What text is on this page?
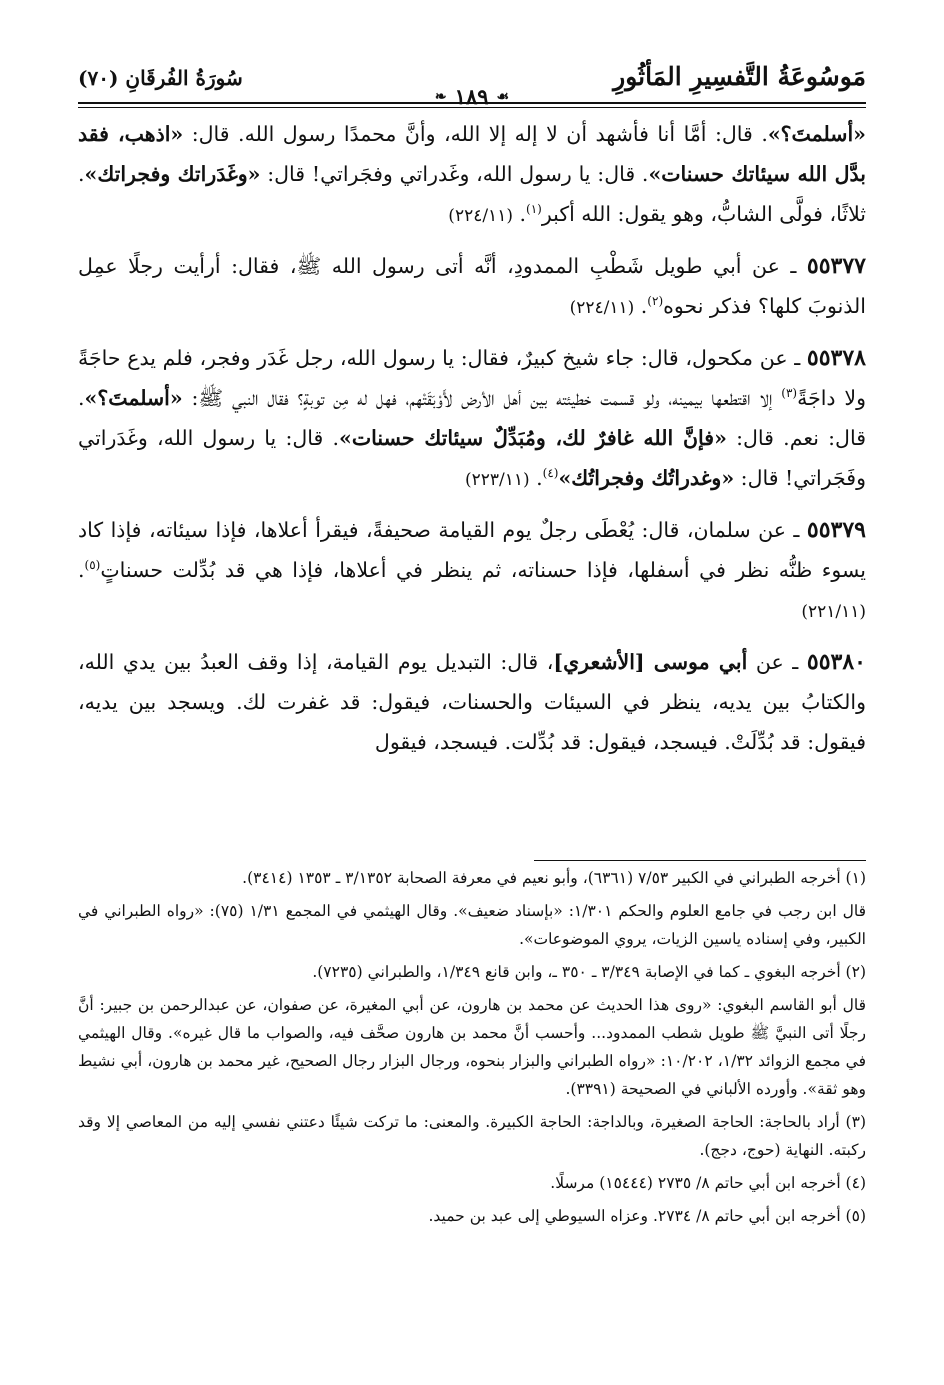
مَوسُوعَةُ التَّفسِيرِ المَأثُورِ
❧ ١٨٩ ☙
سُورَةُ الفُرقَانِ (٧٠)

«أسلمتَ؟». قال: أمَّا أنا فأشهد أن لا إله إلا الله، وأنَّ محمدًا رسول الله. قال: «اذهب، فقد بدَّل الله سيئاتك حسنات». قال: يا رسول الله، وغَدراتي وفجَراتي! قال: «وغَدَراتك وفجراتك». ثلاثًا، فولَّى الشابُّ، وهو يقول: الله أكبر$^{(١)}$. (٢٢٤/١١)

٥٥٣٧٧ ـ عن أبي طويل شَطْبِ الممدودِ، أنَّه أتى رسول الله ﷺ، فقال: أرأيت رجلًا عمِل الذنوبَ كلها؟ فذكر نحوه$^{(٢)}$. (٢٢٤/١١)

٥٥٣٧٨ ـ عن مكحول، قال: جاء شيخ كبيرٌ، فقال: يا رسول الله، رجل غَدَر وفجر، فلم يدع حاجَةً ولا داجَةً$^{(٣)}$ إلا اقتطعها بيمينه، ولو قسمت خطيئته بين أهل الأرض لأَوْبَقَتْهم، فهل له مِن توبةٍ؟ فقال النبي ﷺ: «أسلمتَ؟». قال: نعم. قال: «فإنَّ الله غافرٌ لك، ومُبَدِّلٌ سيئاتك حسنات». قال: يا رسول الله، وغَدَراتي وفَجَراتي! قال: «وغدراتُك وفجراتُك»$^{(٤)}$. (٢٢٣/١١)

٥٥٣٧٩ ـ عن سلمان، قال: يُعْطَى رجلٌ يوم القيامة صحيفةً، فيقرأ أعلاها، فإذا سيئاته، فإذا كاد يسوء ظنُّه نظر في أسفلها، فإذا حسناته، ثم ينظر في أعلاها، فإذا هي قد بُدِّلت حسناتٍ$^{(٥)}$. (٢٢١/١١)

٥٥٣٨٠ ـ عن أبي موسى [الأشعري]، قال: التبديل يوم القيامة، إذا وقف العبدُ بين يدي الله، والكتابُ بين يديه، ينظر في السيئات والحسنات، فيقول: قد غفرت لك. ويسجد بين يديه، فيقول: قد بُدِّلَتْ. فيسجد، فيقول: قد بُدِّلت. فيسجد، فيقول

(١) أخرجه الطبراني في الكبير ٧/٥٣ (٦٣٦١)، وأبو نعيم في معرفة الصحابة ٣/١٣٥٢ ـ ١٣٥٣ (٣٤١٤).

قال ابن رجب في جامع العلوم والحكم ١/٣٠١: «بإسناد ضعيف». وقال الهيثمي في المجمع ١/٣١ (٧٥): «رواه الطبراني في الكبير، وفي إسناده ياسين الزيات، يروي الموضوعات».

(٢) أخرجه البغوي ـ كما في الإصابة ٣/٣٤٩ ـ ٣٥٠ ـ، وابن قانع ١/٣٤٩، والطبراني (٧٢٣٥).

قال أبو القاسم البغوي: «روى هذا الحديث عن محمد بن هارون، عن أبي المغيرة، عن صفوان، عن عبدالرحمن بن جبير: أنَّ رجلًا أتى النبيَّ ﷺ طويل شطب الممدود... وأحسب أنَّ محمد بن هارون صحَّف فيه، والصواب ما قال غيره». وقال الهيثمي في مجمع الزوائد ١/٣٢، ١٠/٢٠٢: «رواه الطبراني والبزار بنحوه، ورجال البزار رجال الصحيح، غير محمد بن هارون، أبي نشيط وهو ثقة». وأورده الألباني في الصحيحة (٣٣٩١).

(٣) أراد بالحاجة: الحاجة الصغيرة، وبالداجة: الحاجة الكبيرة. والمعنى: ما تركت شيئًا دعتني نفسي إليه من المعاصي إلا وقد ركبته. النهاية (حوج، دجج).

(٤) أخرجه ابن أبي حاتم ٨/ ٢٧٣٥ (١٥٤٤٤) مرسلًا.

(٥) أخرجه ابن أبي حاتم ٨/ ٢٧٣٤. وعزاه السيوطي إلى عبد بن حميد.
